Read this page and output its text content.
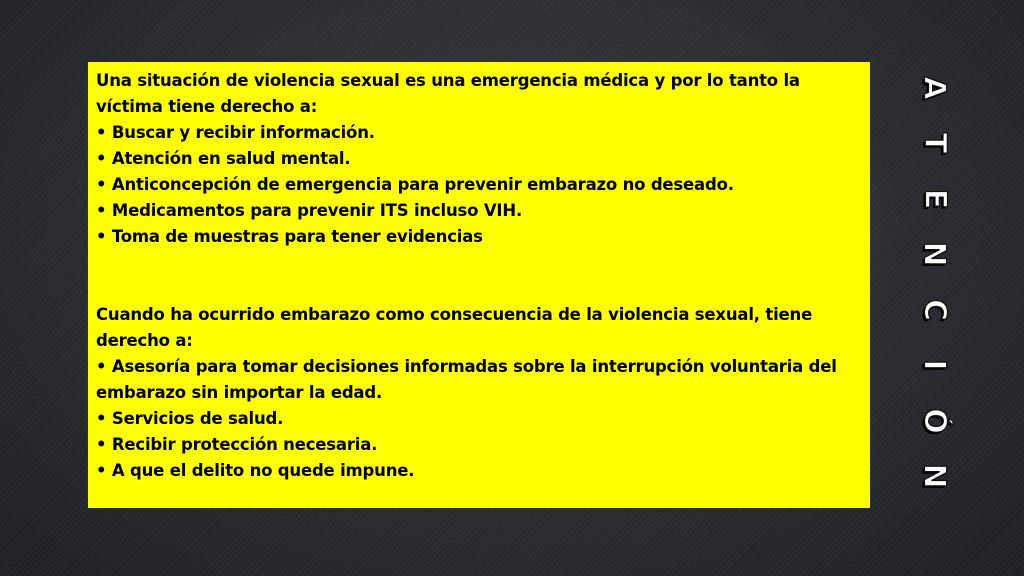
Una situación de violencia sexual es una emergencia médica y por lo tanto la víctima tiene derecho a:

• Buscar y recibir información.

• Atención en salud mental.

• Anticoncepción de emergencia para prevenir embarazo no deseado.

• Medicamentos para prevenir ITS incluso VIH.

• Toma de muestras para tener evidencias

Cuando ha ocurrido embarazo como consecuencia de la violencia sexual, tiene

derecho a:

• Asesoría para tomar decisiones informadas sobre la interrupción voluntaria del embarazo sin importar la edad.

• Servicios de salud.

• Recibir protección necesaria.

• A que el delito no quede impune.

A
T
E
N
C
I
Ó
N
